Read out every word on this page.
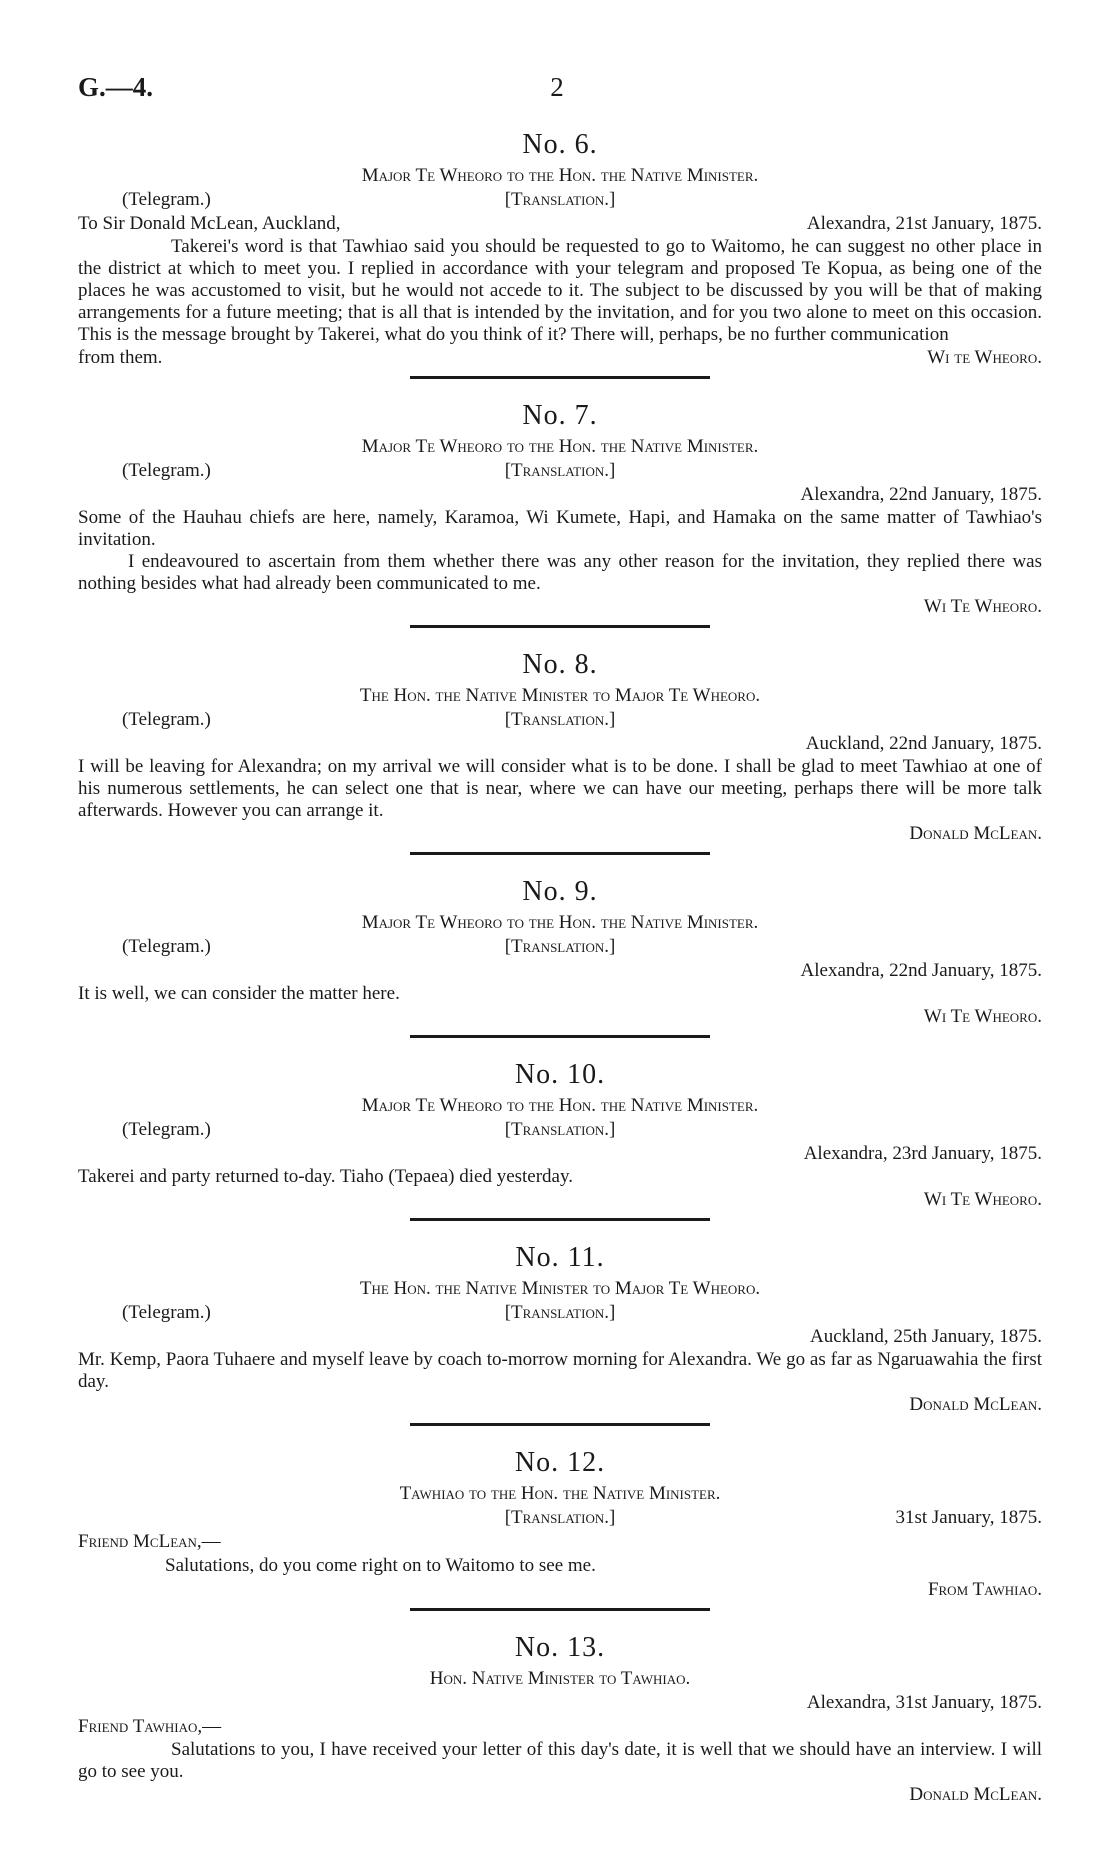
G.—4.	2

No. 6.

Major Te Wheoro to the Hon. the Native Minister.

(Telegram.)	[Translation.]
To Sir Donald McLean, Auckland,	Alexandra, 21st January, 1875.

Takerei's word is that Tawhiao said you should be requested to go to Waitomo, he can suggest no other place in the district at which to meet you. I replied in accordance with your telegram and proposed Te Kopua, as being one of the places he was accustomed to visit, but he would not accede to it. The subject to be discussed by you will be that of making arrangements for a future meeting; that is all that is intended by the invitation, and for you two alone to meet on this occasion. This is the message brought by Takerei, what do you think of it? There will, perhaps, be no further communication

from them.	Wi te Wheoro.

No. 7.

Major Te Wheoro to the Hon. the Native Minister.

(Telegram.)	[Translation.]
Alexandra, 22nd January, 1875.

Some of the Hauhau chiefs are here, namely, Karamoa, Wi Kumete, Hapi, and Hamaka on the same matter of Tawhiao's invitation.

I endeavoured to ascertain from them whether there was any other reason for the invitation, they replied there was nothing besides what had already been communicated to me.

Wi Te Wheoro.

No. 8.

The Hon. the Native Minister to Major Te Wheoro.

(Telegram.)	[Translation.]
Auckland, 22nd January, 1875.

I will be leaving for Alexandra; on my arrival we will consider what is to be done. I shall be glad to meet Tawhiao at one of his numerous settlements, he can select one that is near, where we can have our meeting, perhaps there will be more talk afterwards. However you can arrange it.

Donald McLean.

No. 9.

Major Te Wheoro to the Hon. the Native Minister.

(Telegram.)	[Translation.]
Alexandra, 22nd January, 1875.

It is well, we can consider the matter here.

Wi Te Wheoro.

No. 10.

Major Te Wheoro to the Hon. the Native Minister.

(Telegram.)	[Translation.]
Alexandra, 23rd January, 1875.

Takerei and party returned to-day. Tiaho (Tepaea) died yesterday.

Wi Te Wheoro.

No. 11.

The Hon. the Native Minister to Major Te Wheoro.

(Telegram.)	[Translation.]
Auckland, 25th January, 1875.

Mr. Kemp, Paora Tuhaere and myself leave by coach to-morrow morning for Alexandra. We go as far as Ngaruawahia the first day.

Donald McLean.

No. 12.

Tawhiao to the Hon. the Native Minister.

[Translation.]	31st January, 1875.

Friend McLean,—

Salutations, do you come right on to Waitomo to see me.

From Tawhiao.

No. 13.

Hon. Native Minister to Tawhiao.

Alexandra, 31st January, 1875.

Friend Tawhiao,—

Salutations to you, I have received your letter of this day's date, it is well that we should have an interview. I will go to see you.

Donald McLean.
